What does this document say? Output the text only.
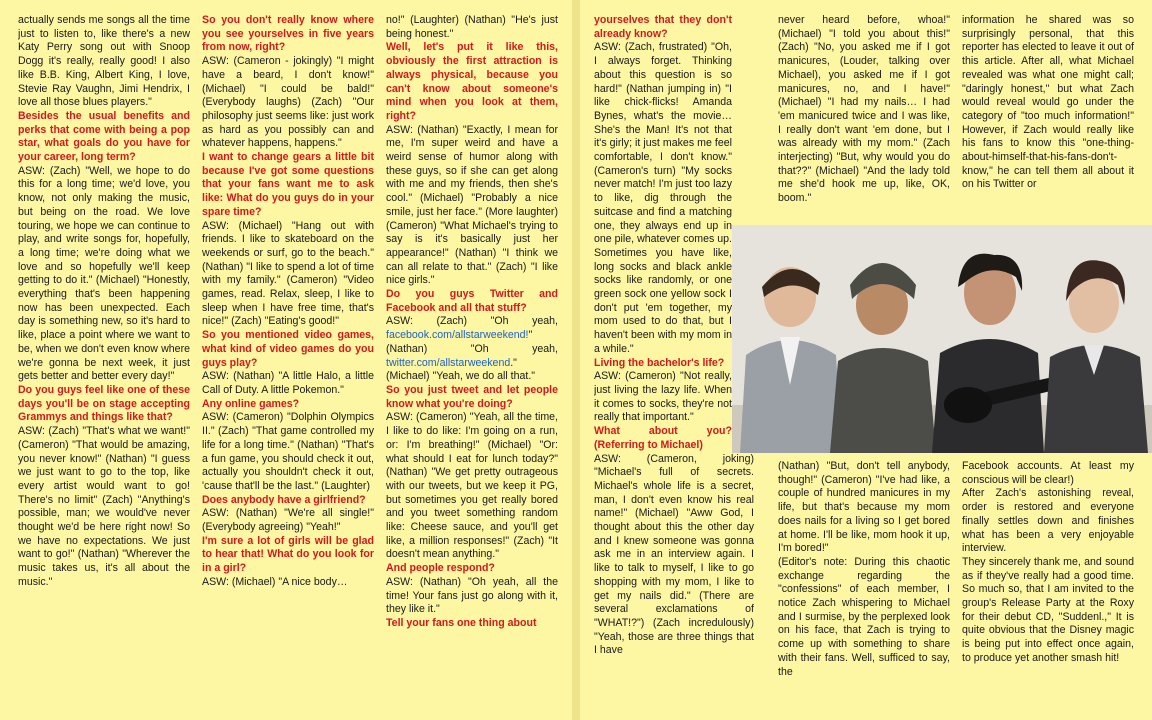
actually sends me songs all the time just to listen to, like there's a new Katy Perry song out with Snoop Dogg it's really, really good! I also like B.B. King, Albert King, I love, Stevie Ray Vaughn, Jimi Hendrix, I love all those blues players."

Besides the usual benefits and perks that come with being a pop star, what goals do you have for your career, long term?

ASW: (Zach) "Well, we hope to do this for a long time; we'd love, you know, not only making the music, but being on the road. We love touring, we hope we can continue to play, and write songs for, hopefully, a long time; we're doing what we love and so hopefully we'll keep getting to do it." (Michael) "Honestly, everything that's been happening now has been unexpected. Each day is something new, so it's hard to like, place a point where we want to be, when we don't even know where we're gonna be next week, it just gets better and better every day!"

Do you guys feel like one of these days you'll be on stage accepting Grammys and things like that?

ASW: (Zach) "That's what we want!" (Cameron) "That would be amazing, you never know!" (Nathan) "I guess we just want to go to the top, like every artist would want to go! There's no limit" (Zach) "Anything's possible, man; we would've never thought we'd be here right now! So we have no expectations. We just want to go!" (Nathan) "Wherever the music takes us, it's all about the music."

So you don't really know where you see yourselves in five years from now, right?

ASW: (Cameron - jokingly) "I might have a beard, I don't know!" (Michael) "I could be bald!" (Everybody laughs) (Zach) "Our philosophy just seems like: just work as hard as you possibly can and whatever happens, happens."

I want to change gears a little bit because I've got some questions that your fans want me to ask like: What do you guys do in your spare time?

ASW: (Michael) "Hang out with friends. I like to skateboard on the weekends or surf, go to the beach." (Nathan) "I like to spend a lot of time with my family." (Cameron) "Video games, read. Relax, sleep, I like to sleep when I have free time, that's nice!" (Zach) "Eating's good!"

So you mentioned video games, what kind of video games do you guys play?

ASW: (Nathan) "A little Halo, a little Call of Duty. A little Pokemon."

Any online games?

ASW: (Cameron) "Dolphin Olympics II." (Zach) "That game controlled my life for a long time." (Nathan) "That's a fun game, you should check it out, actually you shouldn't check it out, 'cause that'll be the last." (Laughter)

Does anybody have a girlfriend?

ASW: (Nathan) "We're all single!" (Everybody agreeing) "Yeah!"

I'm sure a lot of girls will be glad to hear that! What do you look for in a girl?

ASW: (Michael) "A nice body…

no!" (Laughter) (Nathan) "He's just being honest."

Well, let's put it like this, obviously the first attraction is always physical, because you can't know about someone's mind when you look at them, right?

ASW: (Nathan) "Exactly, I mean for me, I'm super weird and have a weird sense of humor along with these guys, so if she can get along with me and my friends, then she's cool." (Michael) "Probably a nice smile, just her face." (More laughter) (Cameron) "What Michael's trying to say is it's basically just her appearance!" (Nathan) "I think we can all relate to that." (Zach) "I like nice girls."

Do you guys Twitter and Facebook and all that stuff?

ASW: (Zach) "Oh yeah, facebook.com/allstarweekend!" (Nathan) "Oh yeah, twitter.com/allstarweekend." (Michael) "Yeah, we do all that."

So you just tweet and let people know what you're doing?

ASW: (Cameron) "Yeah, all the time, I like to do like: I'm going on a run, or: I'm breathing!" (Michael) "Or: what should I eat for lunch today?" (Nathan) "We get pretty outrageous with our tweets, but we keep it PG, but sometimes you get really bored and you tweet something random like: Cheese sauce, and you'll get like, a million responses!" (Zach) "It doesn't mean anything."

And people respond?

ASW: (Nathan) "Oh yeah, all the time! Your fans just go along with it, they like it."

Tell your fans one thing about

yourselves that they don't already know?

ASW: (Zach, frustrated) "Oh, I always forget. Thinking about this question is so hard!" (Nathan jumping in) "I like chick-flicks! Amanda Bynes, what's the movie… She's the Man! It's not that it's girly; it just makes me feel comfortable, I don't know." (Cameron's turn) "My socks never match! I'm just too lazy to like, dig through the suitcase and find a matching one, they always end up in one pile, whatever comes up. Sometimes you have like, long socks and black ankle socks like randomly, or one green sock one yellow sock I don't put 'em together, my mom used to do that, but I haven't been with my mom in a while."

Living the bachelor's life?

ASW: (Cameron) "Not really, just living the lazy life. When it comes to socks, they're not really that important."

What about you? (Referring to Michael)

ASW: (Cameron, joking) "Michael's full of secrets. Michael's whole life is a secret, man, I don't even know his real name!" (Michael) "Aww God, I thought about this the other day and I knew someone was gonna ask me in an interview again. I like to talk to myself, I like to go shopping with my mom, I like to get my nails did." (There are several exclamations of "WHAT!?") (Zach incredulously) "Yeah, those are three things that I have

never heard before, whoa!" (Michael) "I told you about this!" (Zach) "No, you asked me if I got manicures, (Louder, talking over Michael), you asked me if I got manicures, no, and I have!" (Michael) "I had my nails… I had 'em manicured twice and I was like, I really don't want 'em done, but I was already with my mom." (Zach interjecting) "But, why would you do that??" (Michael) "And the lady told me she'd hook me up, like, OK, boom."

(Nathan) "But, don't tell anybody, though!" (Cameron) "I've had like, a couple of hundred manicures in my life, but that's because my mom does nails for a living so I get bored at home. I'll be like, mom hook it up, I'm bored!"

(Editor's note: During this chaotic exchange regarding the "confessions" of each member, I notice Zach whispering to Michael and I surmise, by the perplexed look on his face, that Zach is trying to come up with something to share with their fans. Well, sufficed to say, the

information he shared was so surprisingly personal, that this reporter has elected to leave it out of this article. After all, what Michael revealed was what one might call; "daringly honest," but what Zach would reveal would go under the category of "too much information!" However, if Zach would really like his fans to know this "one-thing-about-himself-that-his-fans-don't-know," he can tell them all about it on his Twitter or

Facebook accounts. At least my conscious will be clear!)

After Zach's astonishing reveal, order is restored and everyone finally settles down and finishes what has been a very enjoyable interview.

They sincerely thank me, and sound as if they've really had a good time. So much so, that I am invited to the group's Release Party at the Roxy for their debut CD, "Suddenl.," It is quite obvious that the Disney magic is being put into effect once again, to produce yet another smash hit!
